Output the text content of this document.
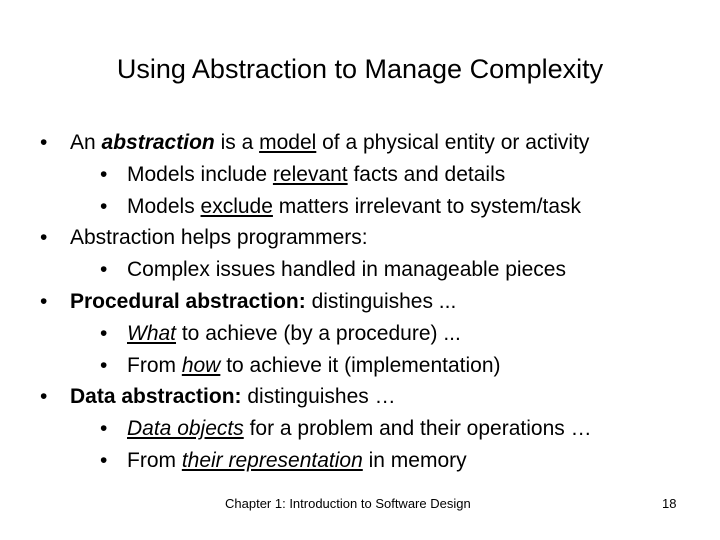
Using Abstraction to Manage Complexity
• An abstraction is a model of a physical entity or activity
• Models include relevant facts and details
• Models exclude matters irrelevant to system/task
• Abstraction helps programmers:
• Complex issues handled in manageable pieces
• Procedural abstraction: distinguishes ...
• What to achieve (by a procedure) ...
• From how to achieve it (implementation)
• Data abstraction: distinguishes …
• Data objects for a problem and their operations …
• From their representation in memory
Chapter 1: Introduction to Software Design	18
